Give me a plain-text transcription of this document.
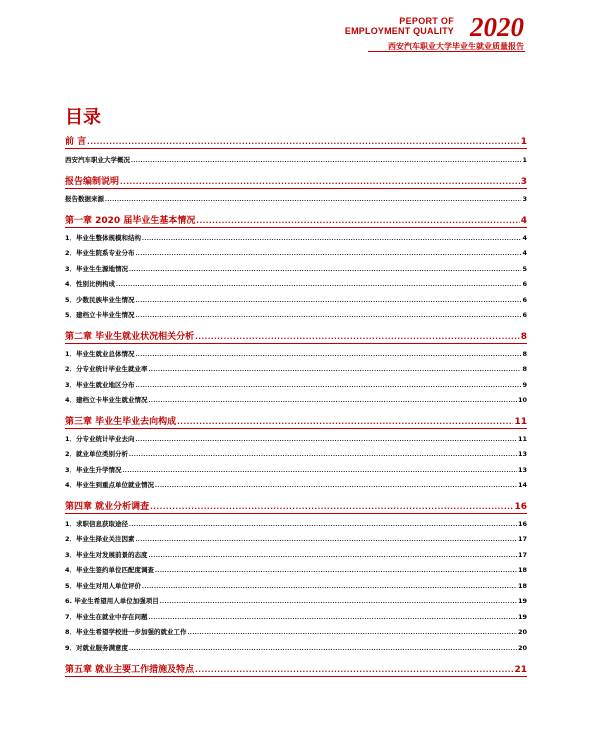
PEPORT OF
EMPLOYMENT QUALITY 2020
西安汽车职业大学毕业生就业质量报告
目录
前 言 .....	1
西安汽车职业大学概况 .....	1
报告编制说明 .....	3
报告数据来源 .....	3
第一章 2020 届毕业生基本情况 .....	4
1．毕业生整体规模和结构 .....	4
2．毕业生院系专业分布 .....	4
3．毕业生生源地情况 .....	5
4．性别比例构成 .....	6
5．少数民族毕业生情况 .....	6
5．建档立卡毕业生情况 .....	6
第二章 毕业生就业状况相关分析 .....	8
1．毕业生就业总体情况 .....	8
2．分专业统计毕业生就业率 .....	8
3．毕业生就业地区分布 .....	9
4．建档立卡毕业生就业情况 .....	10
第三章 毕业生毕业去向构成 .....	11
1．分专业统计毕业去向 .....	11
2．就业单位类别分析 .....	13
3．毕业生升学情况 .....	13
4．毕业生到重点单位就业情况 .....	14
第四章 就业分析调查 .....	16
1．求职信息获取途径 .....	16
2．毕业生择业关注因素 .....	17
3．毕业生对发展前景的态度 .....	17
4．毕业生签约单位匹配度调查 .....	18
5．毕业生对用人单位评价 .....	18
6. 毕业生希望用人单位加强项目 .....	19
7．毕业生在就业中存在问题 .....	19
8．毕业生希望学校进一步加强的就业工作 .....	20
9．对就业服务满意度 .....	20
第五章 就业主要工作措施及特点 .....	21
